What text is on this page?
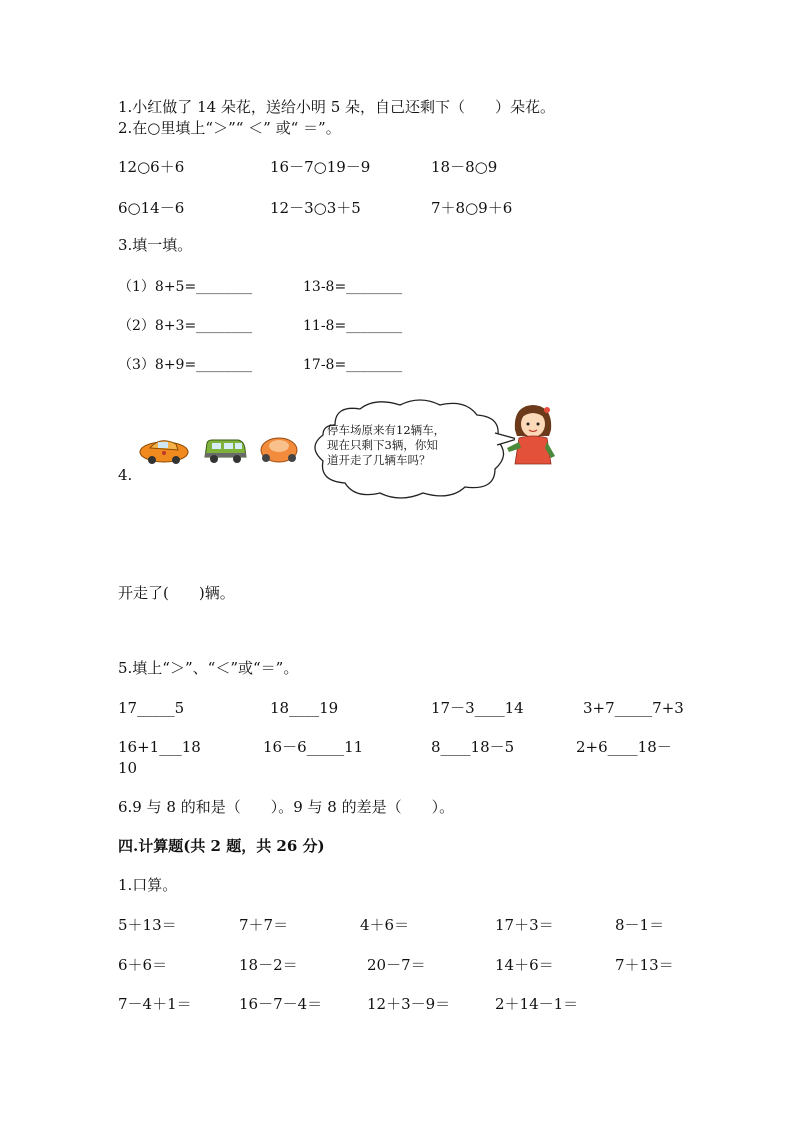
1.小红做了 14 朵花，送给小明 5 朵，自己还剩下（　　）朵花。
2.在○里填上“＞”“ ＜” 或“ ＝”。
12○6＋6	16－7○19－9	18－8○9
6○14－6	12－3○3＋5	7＋8○9＋6
3.填一填。
（1）8+5=________	13-8=________
（2）8+3=________	11-8=________
（3）8+9=________	17-8=________
4.
停车场原来有12辆车，
现在只剩下3辆，你知
道开走了几辆车吗？
开走了(　　)辆。
5.填上“＞”、“＜”或“＝”。
17_____5	18____19	17－3____14	3+7_____7+3
16+1___18	16－6_____11	8____18－5	2+6____18－
10
6.9 与 8 的和是（　　）。9 与 8 的差是（　　）。
四.计算题(共 2 题，共 26 分)
1.口算。
5＋13＝	7＋7＝	4＋6＝	17＋3＝	8－1＝
6＋6＝	18－2＝	20－7＝	14＋6＝	7＋13＝
7－4＋1＝	16－7－4＝	12＋3－9＝	2＋14－1＝
